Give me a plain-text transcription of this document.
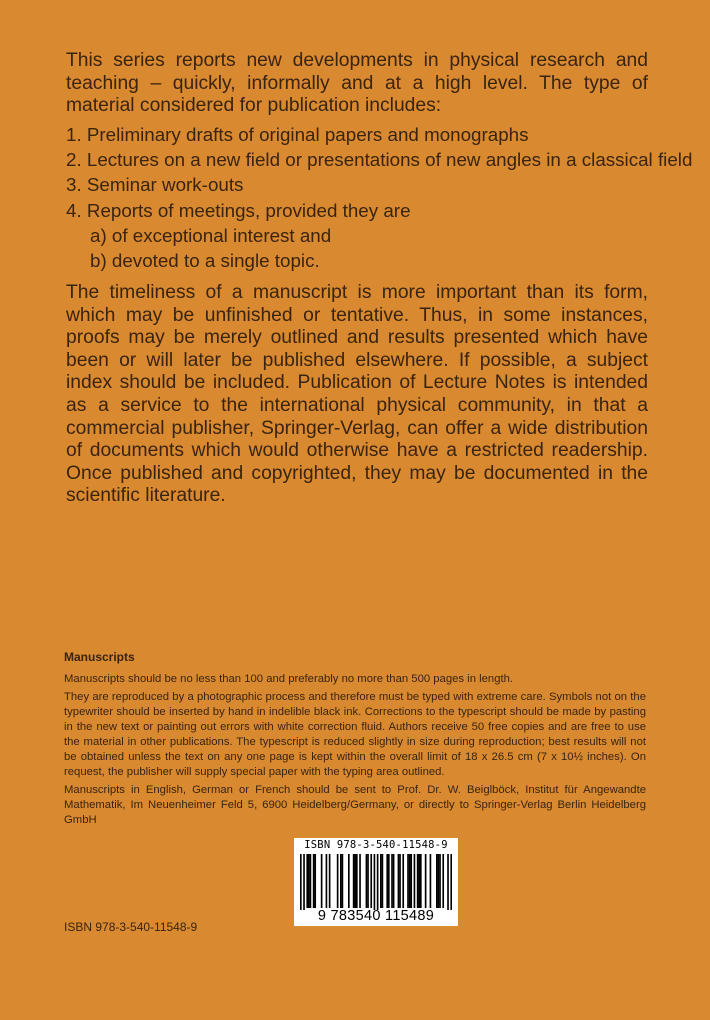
This series reports new developments in physical research and teaching – quickly, informally and at a high level. The type of material considered for publication includes:

1. Preliminary drafts of original papers and monographs
2. Lectures on a new field or presentations of new angles in a classical field
3. Seminar work-outs
4. Reports of meetings, provided they are
a) of exceptional interest and
b) devoted to a single topic.

The timeliness of a manuscript is more important than its form, which may be unfinished or tentative. Thus, in some instances, proofs may be merely outlined and results presented which have been or will later be published elsewhere. If possible, a subject index should be included. Publication of Lecture Notes is intended as a service to the international physical community, in that a commercial publisher, Springer-Verlag, can offer a wide distribution of documents which would otherwise have a restricted readership. Once published and copyrighted, they may be documented in the scientific literature.

Manuscripts

Manuscripts should be no less than 100 and preferably no more than 500 pages in length.

They are reproduced by a photographic process and therefore must be typed with extreme care. Symbols not on the typewriter should be inserted by hand in indelible black ink. Corrections to the typescript should be made by pasting in the new text or painting out errors with white correction fluid. Authors receive 50 free copies and are free to use the material in other publications. The typescript is reduced slightly in size during reproduction; best results will not be obtained unless the text on any one page is kept within the overall limit of 18 x 26.5 cm (7 x 10½ inches). On request, the publisher will supply special paper with the typing area outlined.

Manuscripts in English, German or French should be sent to Prof. Dr. W. Beiglböck, Institut für Angewandte Mathematik, Im Neuenheimer Feld 5, 6900 Heidelberg/Germany, or directly to Springer-Verlag Berlin Heidelberg GmbH

ISBN 978-3-540-11548-9
9 783540 115489
ISBN 978-3-540-11548-9
